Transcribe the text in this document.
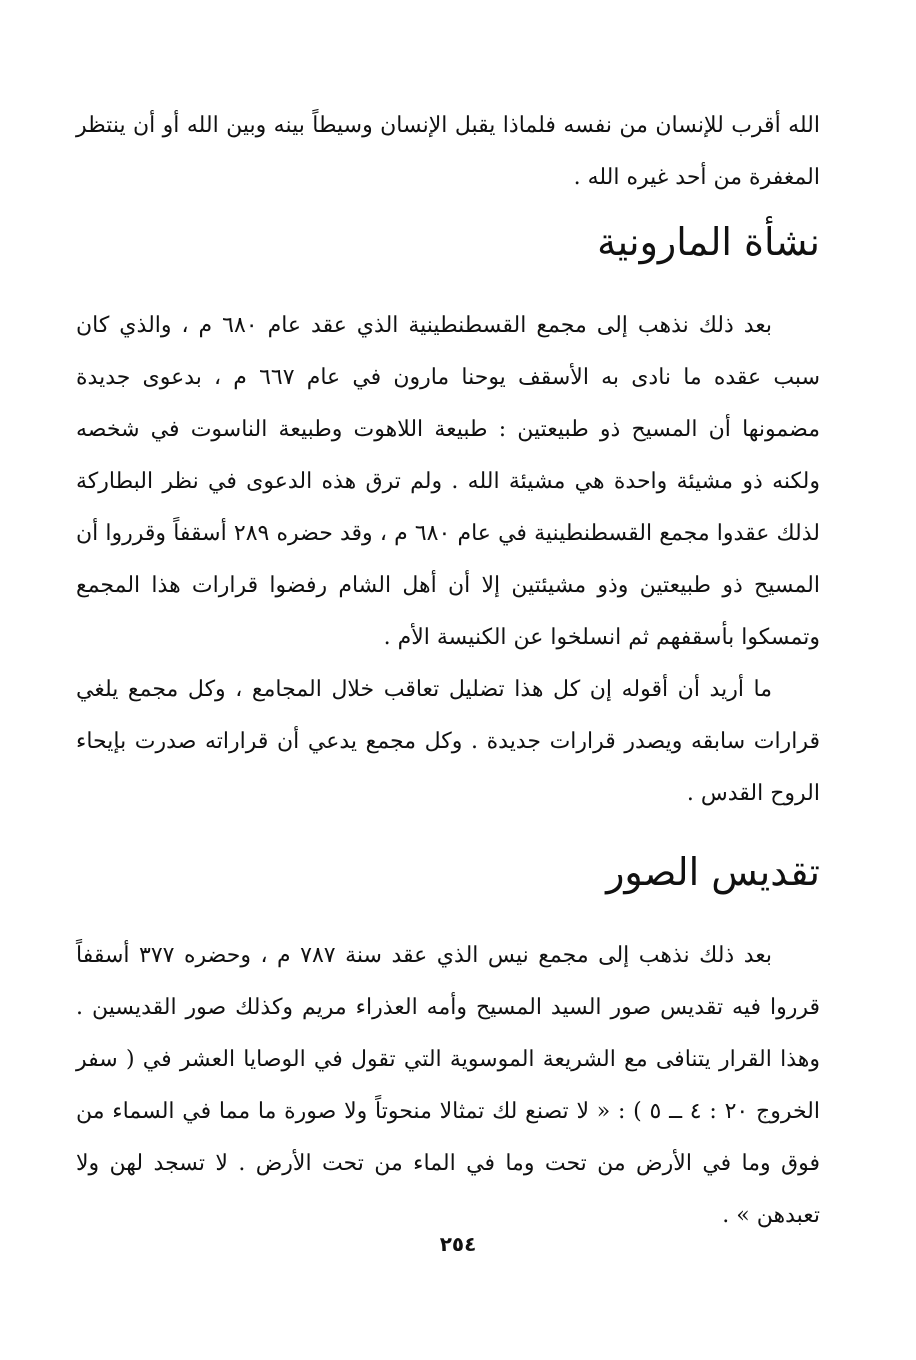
الله أقرب للإنسان من نفسه فلماذا يقبل الإنسان وسيطاً بينه وبين الله أو أن ينتظر المغفرة من أحد غيره الله .

نشأة المارونية

بعد ذلك نذهب إلى مجمع القسطنطينية الذي عقد عام ٦٨٠ م ، والذي كان سبب عقده ما نادى به الأسقف يوحنا مارون في عام ٦٦٧ م ، بدعوى جديدة مضمونها أن المسيح ذو طبيعتين : طبيعة اللاهوت وطبيعة الناسوت في شخصه ولكنه ذو مشيئة واحدة هي مشيئة الله . ولم ترق هذه الدعوى في نظر البطاركة لذلك عقدوا مجمع القسطنطينية في عام ٦٨٠ م ، وقد حضره ٢٨٩ أسقفاً وقرروا أن المسيح ذو طبيعتين وذو مشيئتين إلا أن أهل الشام رفضوا قرارات هذا المجمع وتمسكوا بأسقفهم ثم انسلخوا عن الكنيسة الأم .

ما أريد أن أقوله إن كل هذا تضليل تعاقب خلال المجامع ، وكل مجمع يلغي قرارات سابقه ويصدر قرارات جديدة . وكل مجمع يدعي أن قراراته صدرت بإيحاء الروح القدس .

تقديس الصور

بعد ذلك نذهب إلى مجمع نيس الذي عقد سنة ٧٨٧ م ، وحضره ٣٧٧ أسقفاً قرروا فيه تقديس صور السيد المسيح وأمه العذراء مريم وكذلك صور القديسين . وهذا القرار يتنافى مع الشريعة الموسوية التي تقول في الوصايا العشر في ( سفر الخروج ٢٠ : ٤ ــ ٥ ) : « لا تصنع لك تمثالا منحوتاً ولا صورة ما مما في السماء من فوق وما في الأرض من تحت وما في الماء من تحت الأرض . لا تسجد لهن ولا تعبدهن » .

٢٥٤
